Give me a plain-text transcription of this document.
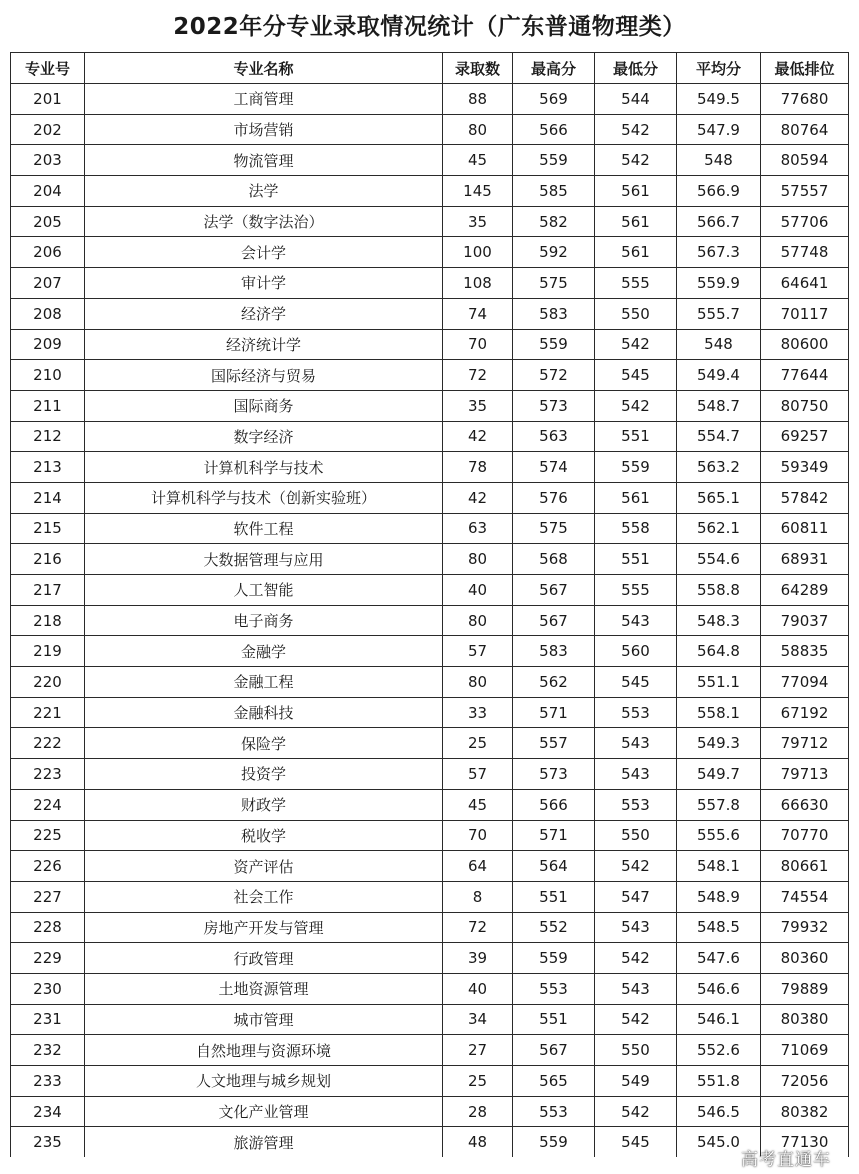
2022年分专业录取情况统计（广东普通物理类）
专业号	专业名称	录取数	最高分	最低分	平均分	最低排位
201	工商管理	88	569	544	549.5	77680
202	市场营销	80	566	542	547.9	80764
203	物流管理	45	559	542	548	80594
204	法学	145	585	561	566.9	57557
205	法学（数字法治）	35	582	561	566.7	57706
206	会计学	100	592	561	567.3	57748
207	审计学	108	575	555	559.9	64641
208	经济学	74	583	550	555.7	70117
209	经济统计学	70	559	542	548	80600
210	国际经济与贸易	72	572	545	549.4	77644
211	国际商务	35	573	542	548.7	80750
212	数字经济	42	563	551	554.7	69257
213	计算机科学与技术	78	574	559	563.2	59349
214	计算机科学与技术（创新实验班）	42	576	561	565.1	57842
215	软件工程	63	575	558	562.1	60811
216	大数据管理与应用	80	568	551	554.6	68931
217	人工智能	40	567	555	558.8	64289
218	电子商务	80	567	543	548.3	79037
219	金融学	57	583	560	564.8	58835
220	金融工程	80	562	545	551.1	77094
221	金融科技	33	571	553	558.1	67192
222	保险学	25	557	543	549.3	79712
223	投资学	57	573	543	549.7	79713
224	财政学	45	566	553	557.8	66630
225	税收学	70	571	550	555.6	70770
226	资产评估	64	564	542	548.1	80661
227	社会工作	8	551	547	548.9	74554
228	房地产开发与管理	72	552	543	548.5	79932
229	行政管理	39	559	542	547.6	80360
230	土地资源管理	40	553	543	546.6	79889
231	城市管理	34	551	542	546.1	80380
232	自然地理与资源环境	27	567	550	552.6	71069
233	人文地理与城乡规划	25	565	549	551.8	72056
234	文化产业管理	28	553	542	546.5	80382
235	旅游管理	48	559	545	545.0	77130
高考直通车
